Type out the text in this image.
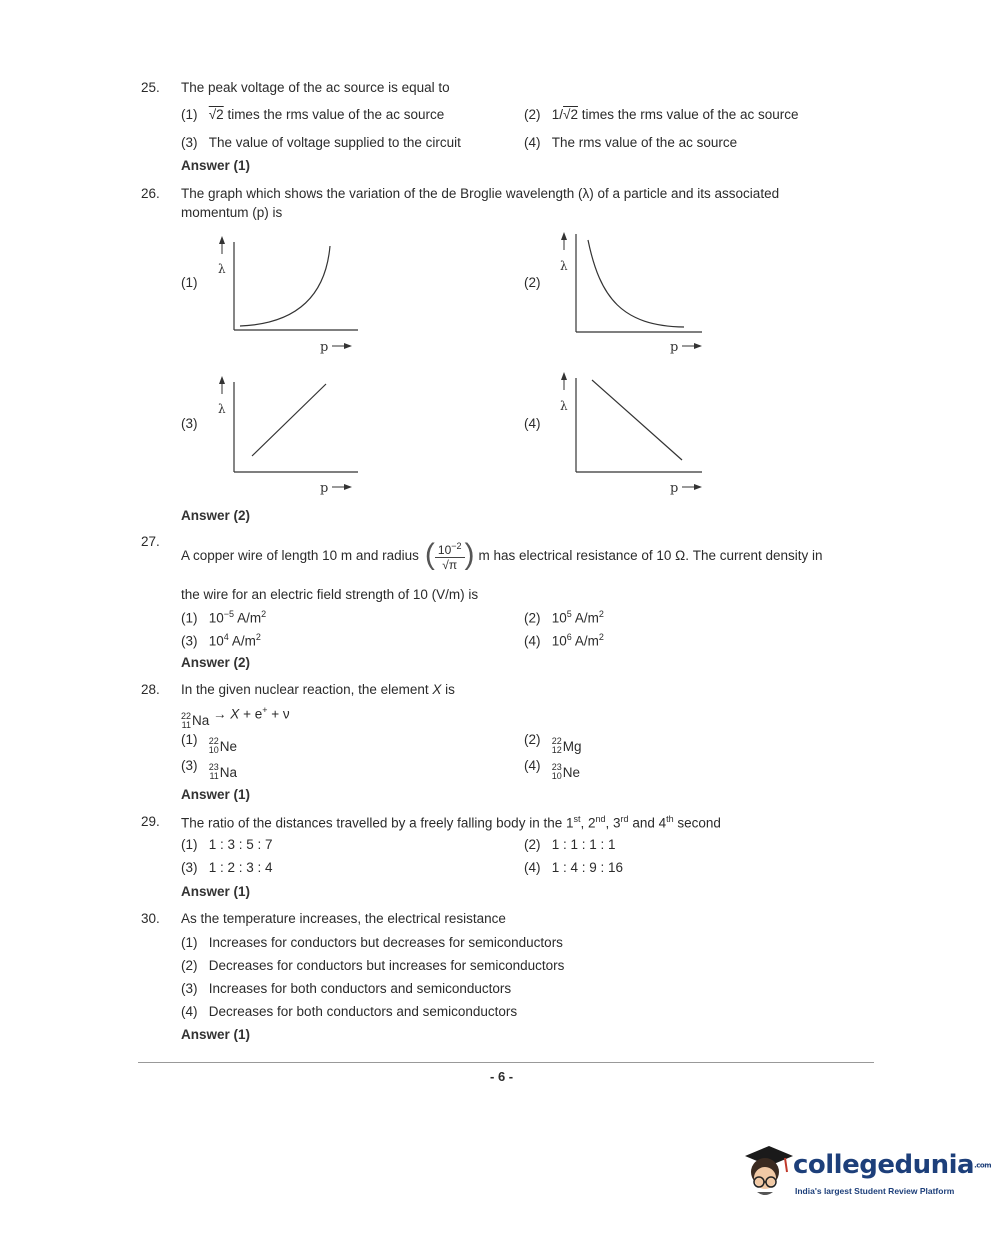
25. The peak voltage of the ac source is equal to
(1) √2 times the rms value of the ac source	(2) 1/√2 times the rms value of the ac source
(3) The value of voltage supplied to the circuit	(4) The rms value of the ac source
Answer (1)
26. The graph which shows the variation of the de Broglie wavelength (λ) of a particle and its associated
momentum (p) is
(1)	(2)
(3)	(4)
λ
p
λ
p
λ
p
λ
p
Answer (2)
27.
A copper wire of length 10 m and radius ( $\frac{10^{-2}}{√\pi}$ ) m has electrical resistance of 10 Ω. The current density in
the wire for an electric field strength of 10 (V/m) is
(1) $10^{-5}$ $A/m^2$	(2) $10^5$ $A/m^2$
(3) $10^4$ $A/m^2$	(4) $10^6$ $A/m^2$
Answer (2)
28. In the given nuclear reaction, the element X is
22
11 Na → X + e+ + ν
(1) 22
10 Ne	(2) 22
12 Mg
(3) 23
11 Na	(4) 23
10 Ne
Answer (1)
29. The ratio of the distances travelled by a freely falling body in the 1st, 2nd, 3rd and 4th second
(1) 1 : 3 : 5 : 7	(2) 1 : 1 : 1 : 1
(3) 1 : 2 : 3 : 4	(4) 1 : 4 : 9 : 16
Answer (1)
30. As the temperature increases, the electrical resistance
(1) Increases for conductors but decreases for semiconductors
(2) Decreases for conductors but increases for semiconductors
(3) Increases for both conductors and semiconductors
(4) Decreases for both conductors and semiconductors
Answer (1)
- 6 -
collegedunia.com
India's largest Student Review Platform
